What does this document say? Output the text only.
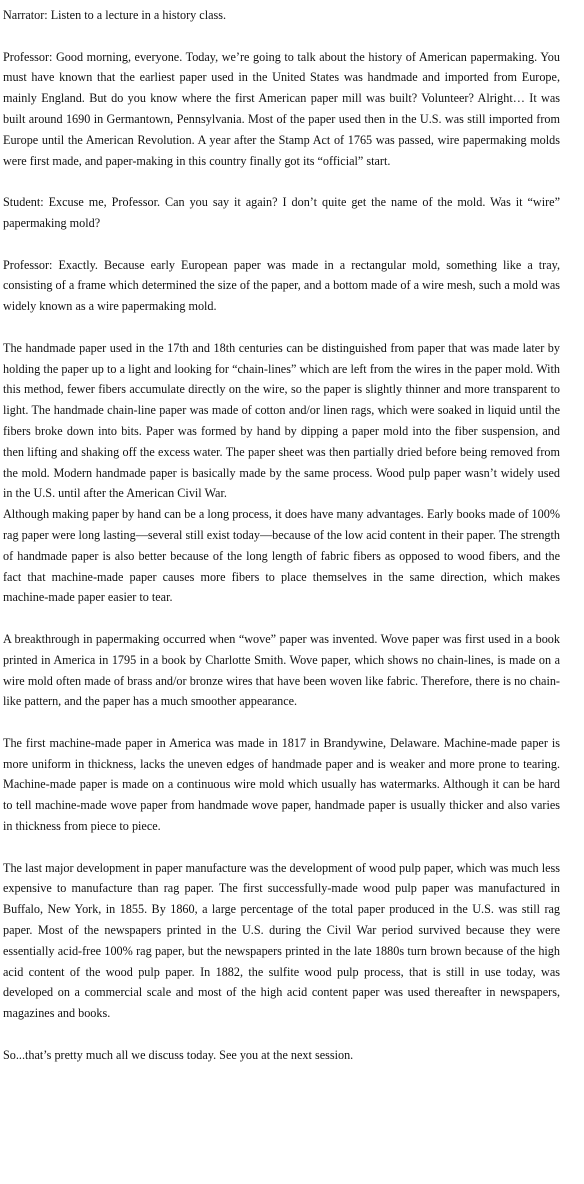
Narrator: Listen to a lecture in a history class.

Professor: Good morning, everyone. Today, we’re going to talk about the history of American papermaking. You must have known that the earliest paper used in the United States was handmade and imported from Europe, mainly England. But do you know where the first American paper mill was built? Volunteer? Alright… It was built around 1690 in Germantown, Pennsylvania. Most of the paper used then in the U.S. was still imported from Europe until the American Revolution. A year after the Stamp Act of 1765 was passed, wire papermaking molds were first made, and paper-making in this country finally got its “official” start.

Student: Excuse me, Professor. Can you say it again? I don’t quite get the name of the mold. Was it “wire” papermaking mold?

Professor: Exactly. Because early European paper was made in a rectangular mold, something like a tray, consisting of a frame which determined the size of the paper, and a bottom made of a wire mesh, such a mold was widely known as a wire papermaking mold.

The handmade paper used in the 17th and 18th centuries can be distinguished from paper that was made later by holding the paper up to a light and looking for “chain-lines” which are left from the wires in the paper mold. With this method, fewer fibers accumulate directly on the wire, so the paper is slightly thinner and more transparent to light. The handmade chain-line paper was made of cotton and/or linen rags, which were soaked in liquid until the fibers broke down into bits. Paper was formed by hand by dipping a paper mold into the fiber suspension, and then lifting and shaking off the excess water. The paper sheet was then partially dried before being removed from the mold. Modern handmade paper is basically made by the same process. Wood pulp paper wasn’t widely used in the U.S. until after the American Civil War.

Although making paper by hand can be a long process, it does have many advantages. Early books made of 100% rag paper were long lasting—several still exist today—because of the low acid content in their paper. The strength of handmade paper is also better because of the long length of fabric fibers as opposed to wood fibers, and the fact that machine-made paper causes more fibers to place themselves in the same direction, which makes machine-made paper easier to tear.

A breakthrough in papermaking occurred when “wove” paper was invented. Wove paper was first used in a book printed in America in 1795 in a book by Charlotte Smith. Wove paper, which shows no chain-lines, is made on a wire mold often made of brass and/or bronze wires that have been woven like fabric. Therefore, there is no chain-like pattern, and the paper has a much smoother appearance.

The first machine-made paper in America was made in 1817 in Brandywine, Delaware. Machine-made paper is more uniform in thickness, lacks the uneven edges of handmade paper and is weaker and more prone to tearing. Machine-made paper is made on a continuous wire mold which usually has watermarks. Although it can be hard to tell machine-made wove paper from handmade wove paper, handmade paper is usually thicker and also varies in thickness from piece to piece.

The last major development in paper manufacture was the development of wood pulp paper, which was much less expensive to manufacture than rag paper. The first successfully-made wood pulp paper was manufactured in Buffalo, New York, in 1855. By 1860, a large percentage of the total paper produced in the U.S. was still rag paper. Most of the newspapers printed in the U.S. during the Civil War period survived because they were essentially acid-free 100% rag paper, but the newspapers printed in the late 1880s turn brown because of the high acid content of the wood pulp paper. In 1882, the sulfite wood pulp process, that is still in use today, was developed on a commercial scale and most of the high acid content paper was used thereafter in newspapers, magazines and books.

So...that’s pretty much all we discuss today. See you at the next session.
